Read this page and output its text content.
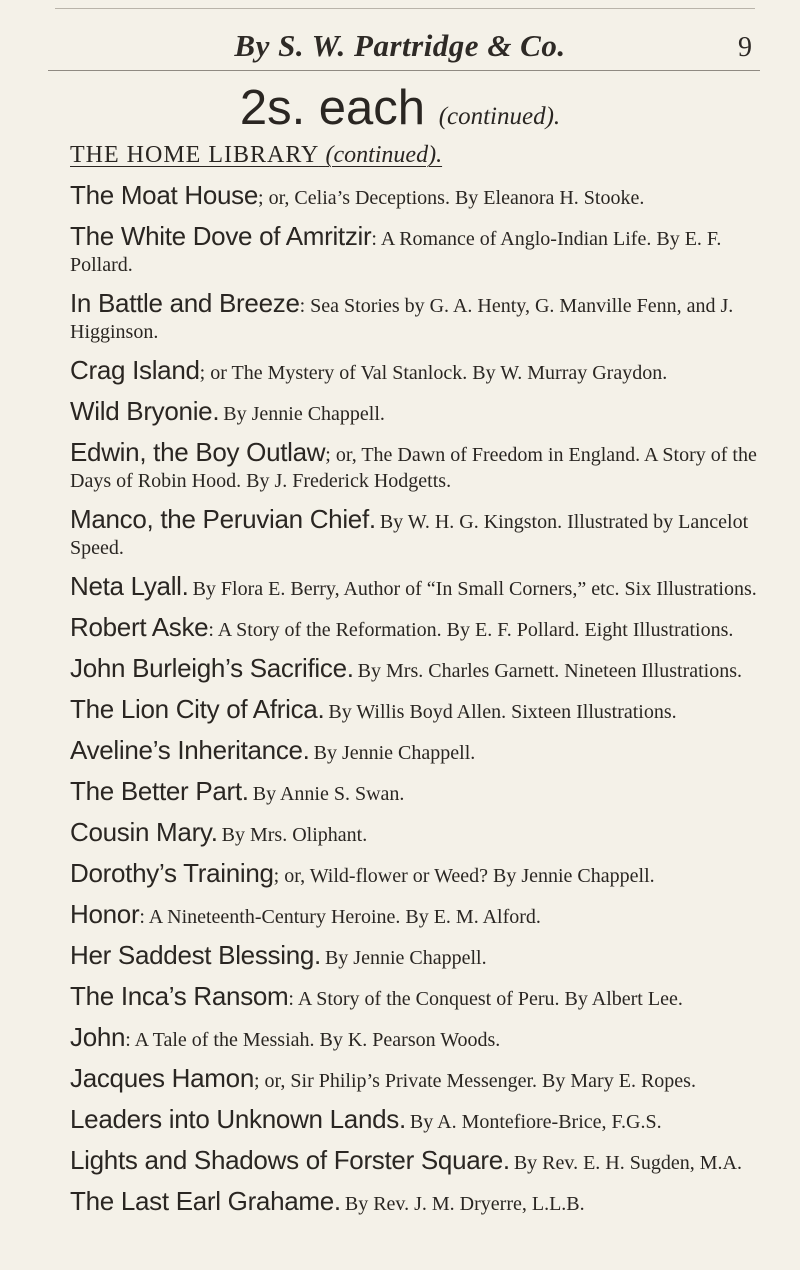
By S. W. Partridge & Co.	9
2s. each (continued).
THE HOME LIBRARY (continued).
The Moat House; or, Celia’s Deceptions. By Eleanora H. Stooke.
The White Dove of Amritzir: A Romance of Anglo-Indian Life. By E. F. Pollard.
In Battle and Breeze: Sea Stories by G. A. Henty, G. Manville Fenn, and J. Higginson.
Crag Island; or The Mystery of Val Stanlock. By W. Murray Graydon.
Wild Bryonie. By Jennie Chappell.
Edwin, the Boy Outlaw; or, The Dawn of Freedom in England. A Story of the Days of Robin Hood. By J. Frederick Hodgetts.
Manco, the Peruvian Chief. By W. H. G. Kingston. Illustrated by Lancelot Speed.
Neta Lyall. By Flora E. Berry, Author of “In Small Corners,” etc. Six Illustrations.
Robert Aske: A Story of the Reformation. By E. F. Pollard. Eight Illustrations.
John Burleigh’s Sacrifice. By Mrs. Charles Garnett. Nineteen Illustrations.
The Lion City of Africa. By Willis Boyd Allen. Sixteen Illustrations.
Aveline’s Inheritance. By Jennie Chappell.
The Better Part. By Annie S. Swan.
Cousin Mary. By Mrs. Oliphant.
Dorothy’s Training; or, Wild-flower or Weed? By Jennie Chappell.
Honor: A Nineteenth-Century Heroine. By E. M. Alford.
Her Saddest Blessing. By Jennie Chappell.
The Inca’s Ransom: A Story of the Conquest of Peru. By Albert Lee.
John: A Tale of the Messiah. By K. Pearson Woods.
Jacques Hamon; or, Sir Philip’s Private Messenger. By Mary E. Ropes.
Leaders into Unknown Lands. By A. Montefiore-Brice, F.G.S.
Lights and Shadows of Forster Square. By Rev. E. H. Sugden, M.A.
The Last Earl Grahame. By Rev. J. M. Dryerre, L.L.B.
